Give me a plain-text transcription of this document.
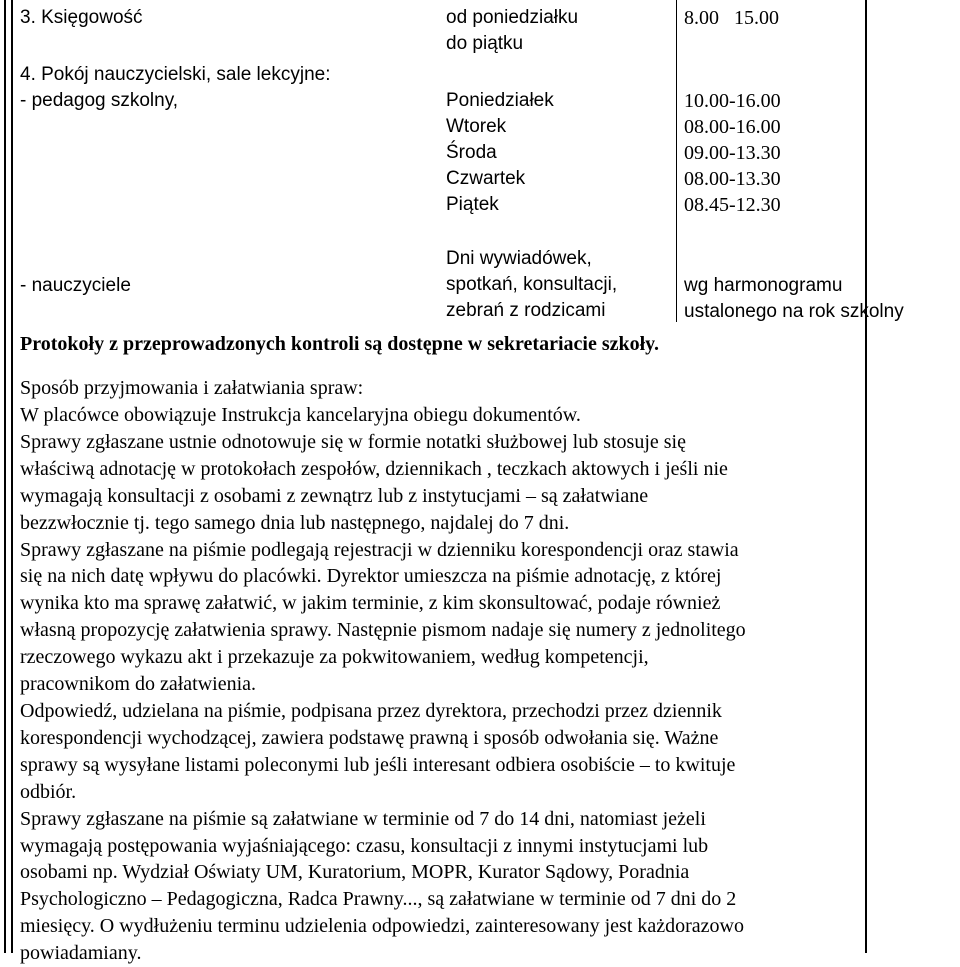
3. Księgowość	od poniedziałku
do piątku
8.00   15.00
4. Pokój nauczycielski, sale lekcyjne:
- pedagog szkolny,	Poniedziałek
Wtorek
Środa
Czwartek
Piątek
10.00-16.00
08.00-16.00
09.00-13.30
08.00-13.30
08.45-12.30
- nauczyciele
Dni wywiadówek,
spotkań, konsultacji,
zebrań z rodzicami
wg harmonogramu
ustalonego na rok szkolny
Protokoły z przeprowadzonych kontroli są dostępne w sekretariacie szkoły.
Sposób przyjmowania i załatwiania spraw:
W placówce obowiązuje Instrukcja kancelaryjna obiegu dokumentów.
Sprawy zgłaszane ustnie odnotowuje się w formie notatki służbowej lub stosuje się
właściwą adnotację w protokołach zespołów, dziennikach , teczkach aktowych i jeśli nie
wymagają konsultacji z osobami z zewnątrz lub z instytucjami – są załatwiane
bezzwłocznie tj. tego samego dnia lub następnego, najdalej do 7 dni.
Sprawy zgłaszane na piśmie podlegają rejestracji w dzienniku korespondencji oraz stawia
się na nich datę wpływu do placówki. Dyrektor umieszcza na piśmie adnotację, z której
wynika kto ma sprawę załatwić, w jakim terminie, z kim skonsultować, podaje również
własną propozycję załatwienia sprawy. Następnie pismom nadaje się numery z jednolitego
rzeczowego wykazu akt i przekazuje za pokwitowaniem, według kompetencji,
pracownikom do załatwienia.
Odpowiedź, udzielana na piśmie, podpisana przez dyrektora, przechodzi przez dziennik
korespondencji wychodzącej, zawiera podstawę prawną i sposób odwołania się. Ważne
sprawy są wysyłane listami poleconymi lub jeśli interesant odbiera osobiście – to kwituje
odbiór.
Sprawy zgłaszane na piśmie są załatwiane w terminie od 7 do 14 dni, natomiast jeżeli
wymagają postępowania wyjaśniającego: czasu, konsultacji z innymi instytucjami lub
osobami np. Wydział Oświaty UM, Kuratorium, MOPR, Kurator Sądowy, Poradnia
Psychologiczno – Pedagogiczna, Radca Prawny..., są załatwiane w terminie od 7 dni do 2
miesięcy. O wydłużeniu terminu udzielenia odpowiedzi, zainteresowany jest każdorazowo
powiadamiany.
